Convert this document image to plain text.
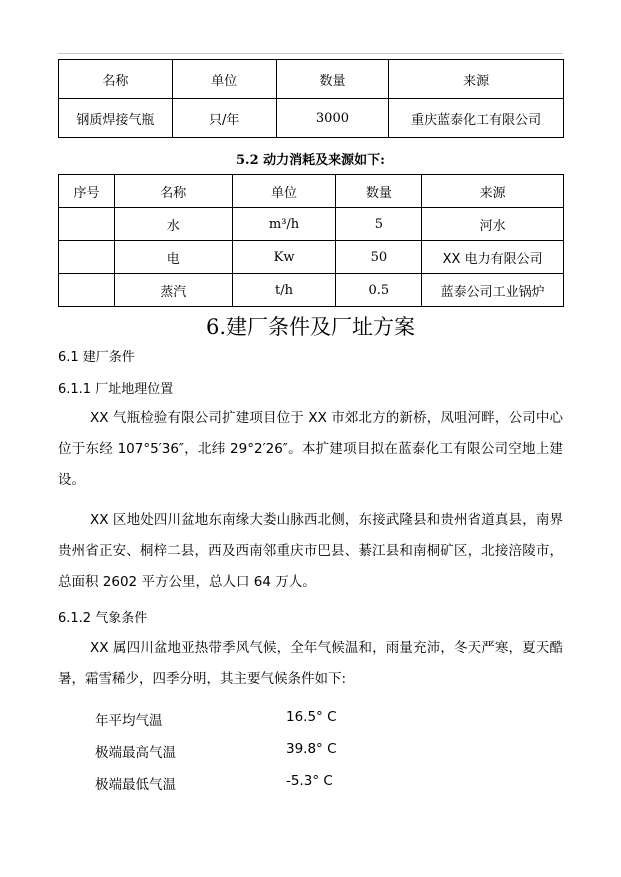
名称	单位	数量	来源
钢质焊接气瓶	只/年	3000	重庆蓝泰化工有限公司
5.2 动力消耗及来源如下:
序号	名称	单位	数量	来源
	水	m³/h	5	河水
	电	Kw	50	XX 电力有限公司
	蒸汽	t/h	0.5	蓝泰公司工业锅炉
6.建厂条件及厂址方案
6.1 建厂条件
6.1.1 厂址地理位置
XX 气瓶检验有限公司扩建项目位于 XX 市郊北方的新桥，凤咀河畔，公司中心位于东经 107°5′36″，北纬 29°2′26″。本扩建项目拟在蓝泰化工有限公司空地上建设。
XX 区地处四川盆地东南缘大娄山脉西北侧，东接武隆县和贵州省道真县，南界贵州省正安、桐梓二县，西及西南邻重庆市巴县、綦江县和南桐矿区，北接涪陵市，总面积 2602 平方公里，总人口 64 万人。
6.1.2 气象条件
XX 属四川盆地亚热带季风气候，全年气候温和，雨量充沛，冬天严寒，夏天酷暑，霜雪稀少，四季分明，其主要气候条件如下:
年平均气温	16.5° C
极端最高气温	39.8° C
极端最低气温	-5.3° C
